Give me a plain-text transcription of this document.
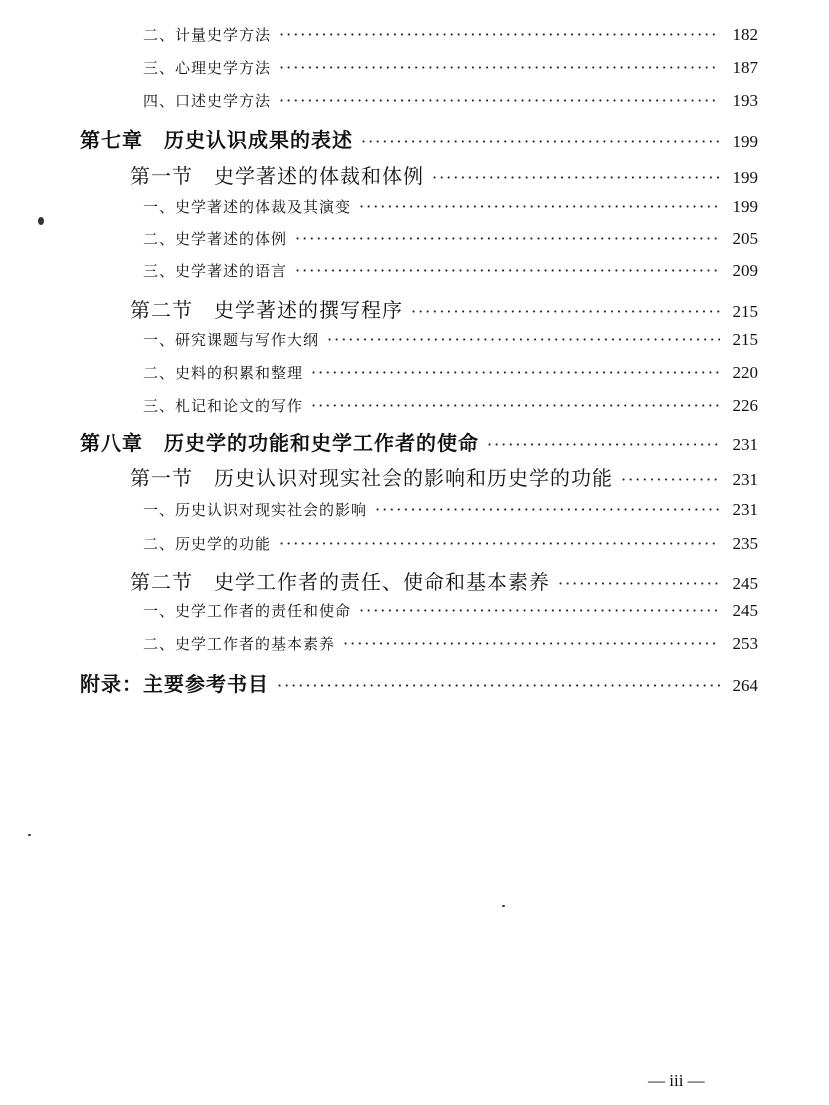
二、计量史学方法 ·····	182
三、心理史学方法 ·····	187
四、口述史学方法 ·····	193
第七章　历史认识成果的表述 ·····	199
第一节　史学著述的体裁和体例 ·····	199
一、史学著述的体裁及其演变 ·····	199
二、史学著述的体例 ·····	205
三、史学著述的语言 ·····	209
第二节　史学著述的撰写程序 ·····	215
一、研究课题与写作大纲 ·····	215
二、史料的积累和整理 ·····	220
三、札记和论文的写作 ·····	226
第八章　历史学的功能和史学工作者的使命 ·····	231
第一节　历史认识对现实社会的影响和历史学的功能 ·····	231
一、历史认识对现实社会的影响 ·····	231
二、历史学的功能 ·····	235
第二节　史学工作者的责任、使命和基本素养 ·····	245
一、史学工作者的责任和使命 ·····	245
二、史学工作者的基本素养 ·····	253
附录：主要参考书目 ·····	264
— iii —
